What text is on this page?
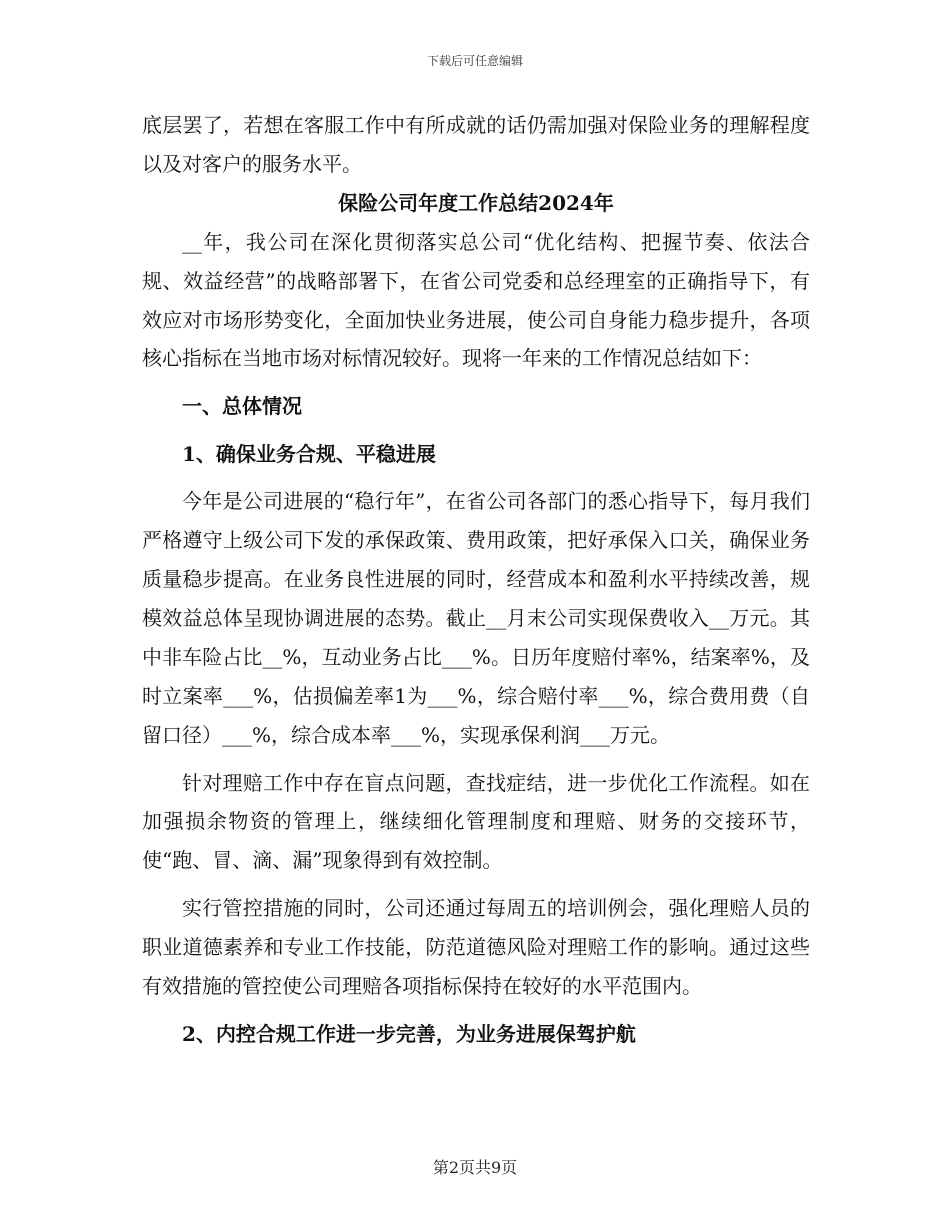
下载后可任意编辑

底层罢了，若想在客服工作中有所成就的话仍需加强对保险业务的理解程度以及对客户的服务水平。

保险公司年度工作总结2024年

__年，我公司在深化贯彻落实总公司“优化结构、把握节奏、依法合规、效益经营”的战略部署下，在省公司党委和总经理室的正确指导下，有效应对市场形势变化，全面加快业务进展，使公司自身能力稳步提升，各项核心指标在当地市场对标情况较好。现将一年来的工作情况总结如下：

一、总体情况

1、确保业务合规、平稳进展

今年是公司进展的“稳行年”，在省公司各部门的悉心指导下，每月我们严格遵守上级公司下发的承保政策、费用政策，把好承保入口关，确保业务质量稳步提高。在业务良性进展的同时，经营成本和盈利水平持续改善，规模效益总体呈现协调进展的态势。截止__月末公司实现保费收入__万元。其中非车险占比__%，互动业务占比___%。日历年度赔付率%，结案率%，及时立案率___%，估损偏差率1为___%，综合赔付率___%，综合费用费（自留口径）___%，综合成本率___%，实现承保利润___万元。

针对理赔工作中存在盲点问题，查找症结，进一步优化工作流程。如在加强损余物资的管理上，继续细化管理制度和理赔、财务的交接环节，使“跑、冒、滴、漏”现象得到有效控制。

实行管控措施的同时，公司还通过每周五的培训例会，强化理赔人员的职业道德素养和专业工作技能，防范道德风险对理赔工作的影响。通过这些有效措施的管控使公司理赔各项指标保持在较好的水平范围内。

2、内控合规工作进一步完善，为业务进展保驾护航

第2页共9页
